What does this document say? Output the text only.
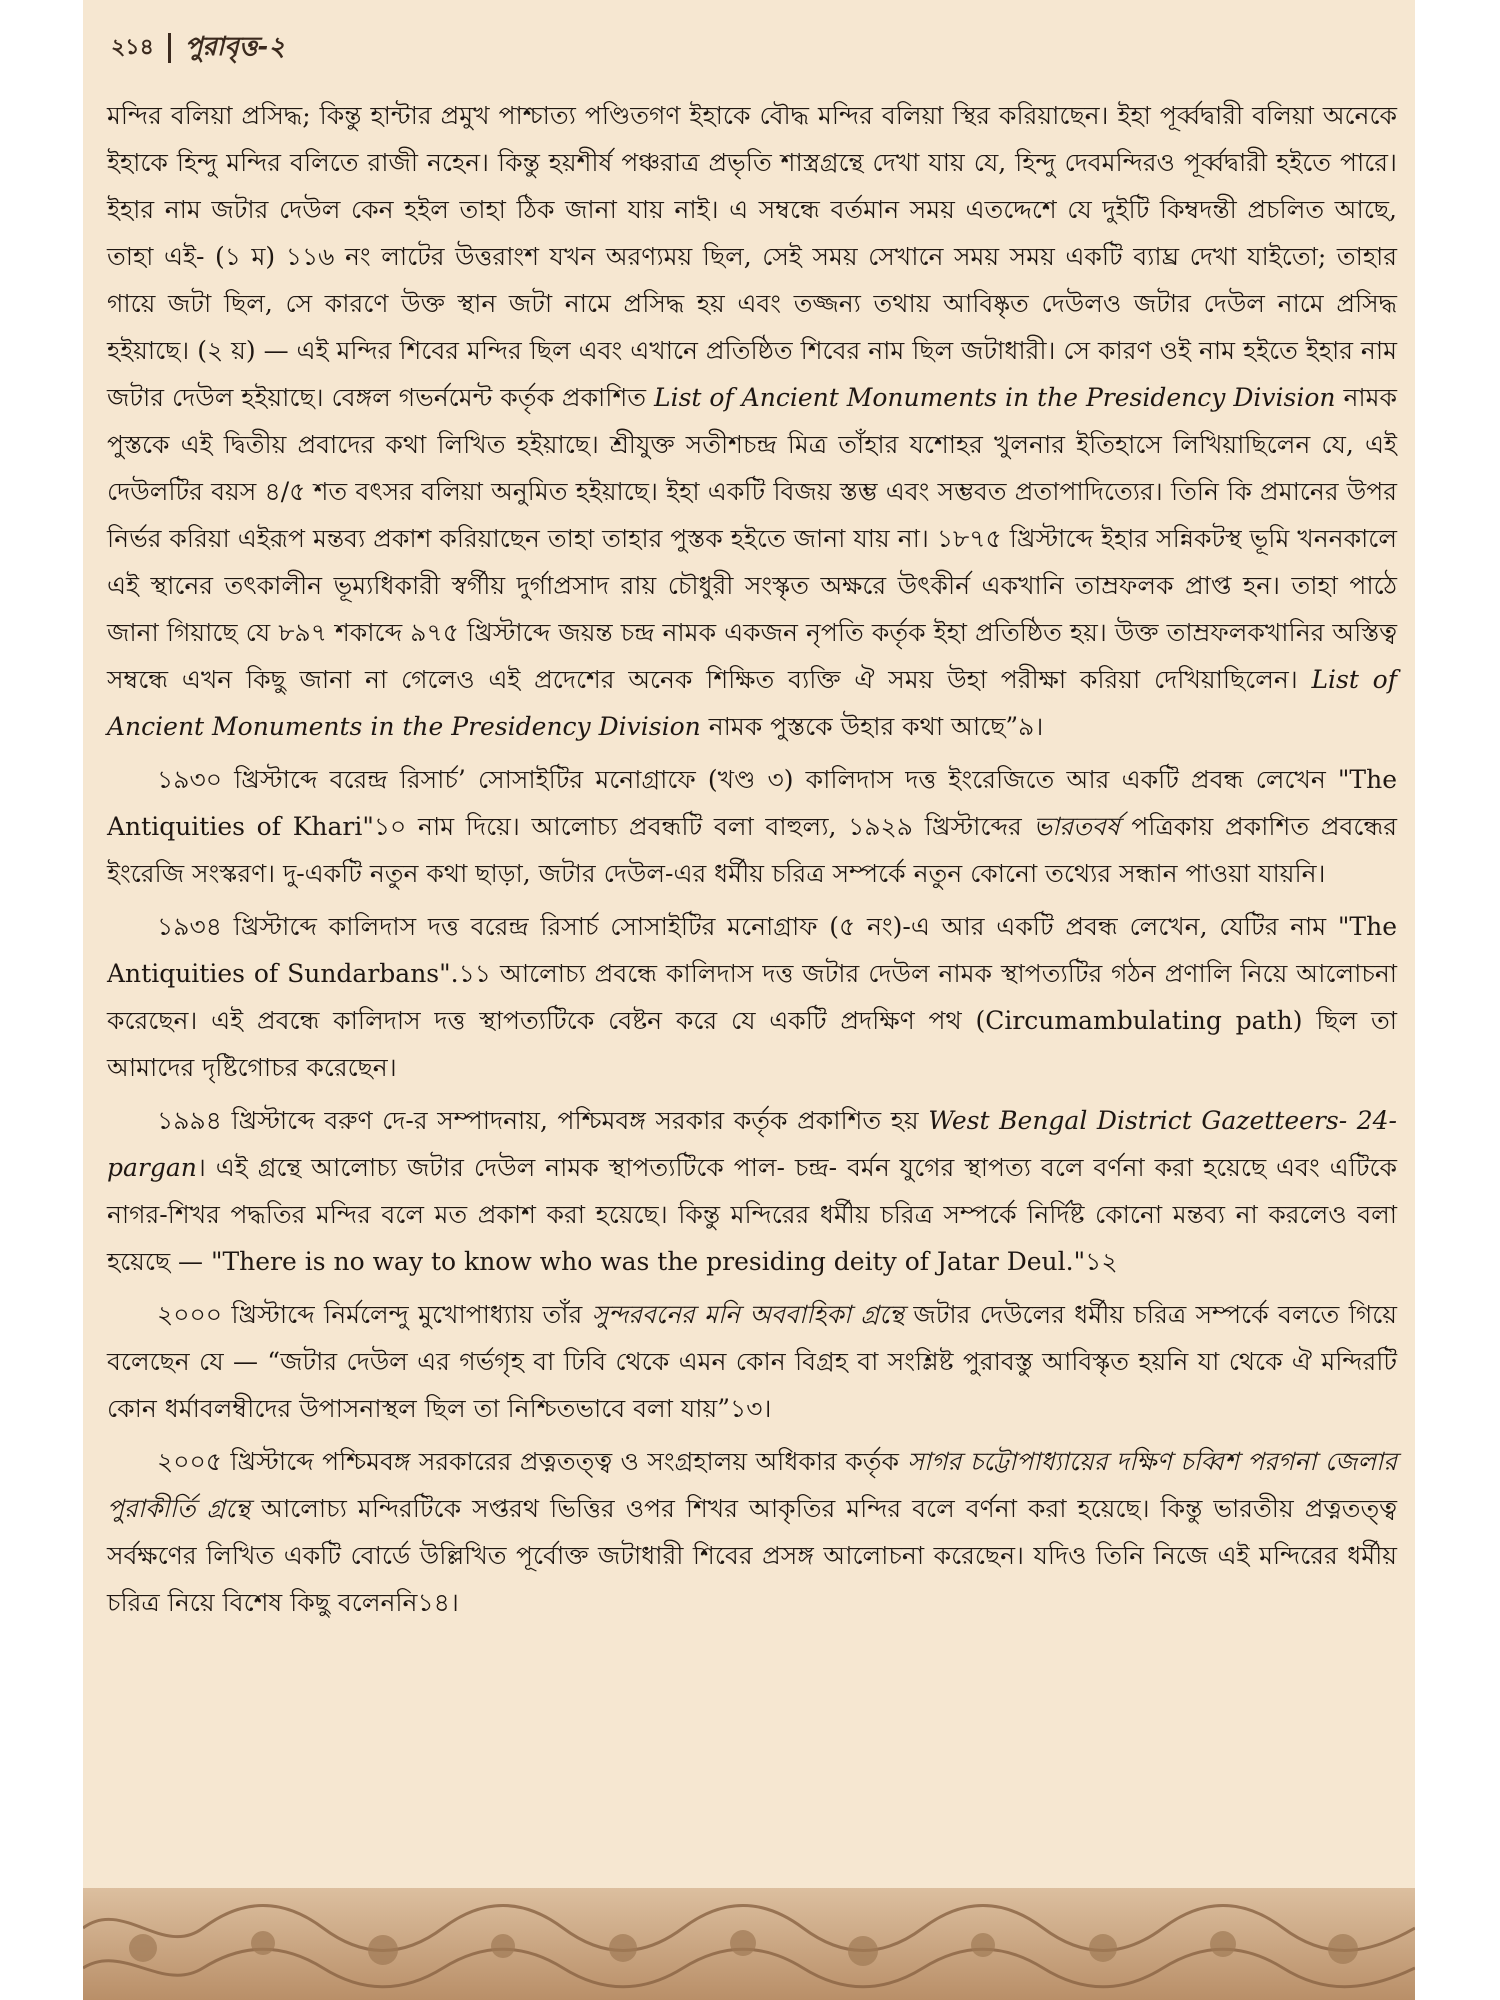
২১৪ পুরাবৃত্ত-২

মন্দির বলিয়া প্রসিদ্ধ; কিন্তু হান্টার প্রমুখ পাশ্চাত্য পণ্ডিতগণ ইহাকে বৌদ্ধ মন্দির বলিয়া স্থির করিয়াছেন। ইহা পূর্ব্বদ্বারী বলিয়া অনেকে ইহাকে হিন্দু মন্দির বলিতে রাজী নহেন। কিন্তু হয়শীর্ষ পঞ্চরাত্র প্রভৃতি শাস্ত্রগ্রন্থে দেখা যায় যে, হিন্দু দেবমন্দিরও পূর্ব্বদ্বারী হইতে পারে। ইহার নাম জটার দেউল কেন হইল তাহা ঠিক জানা যায় নাই। এ সম্বন্ধে বর্তমান সময় এতদ্দেশে যে দুইটি কিম্বদন্তী প্রচলিত আছে, তাহা এই- (১ ম) ১১৬ নং লাটের উত্তরাংশ যখন অরণ্যময় ছিল, সেই সময় সেখানে সময় সময় একটি ব্যাঘ্র দেখা যাইতো; তাহার গায়ে জটা ছিল, সে কারণে উক্ত স্থান জটা নামে প্রসিদ্ধ হয় এবং তজ্জন্য তথায় আবিষ্কৃত দেউলও জটার দেউল নামে প্রসিদ্ধ হইয়াছে। (২ য়) — এই মন্দির শিবের মন্দির ছিল এবং এখানে প্রতিষ্ঠিত শিবের নাম ছিল জটাধারী। সে কারণ ওই নাম হইতে ইহার নাম জটার দেউল হইয়াছে। বেঙ্গল গভর্নমেন্ট কর্তৃক প্রকাশিত List of Ancient Monuments in the Presidency Division নামক পুস্তকে এই দ্বিতীয় প্রবাদের কথা লিখিত হইয়াছে। শ্রীযুক্ত সতীশচন্দ্র মিত্র তাঁহার যশোহর খুলনার ইতিহাসে লিখিয়াছিলেন যে, এই দেউলটির বয়স ৪/৫ শত বৎসর বলিয়া অনুমিত হইয়াছে। ইহা একটি বিজয় স্তম্ভ এবং সম্ভবত প্রতাপাদিত্যের। তিনি কি প্রমানের উপর নির্ভর করিয়া এইরূপ মন্তব্য প্রকাশ করিয়াছেন তাহা তাহার পুস্তক হইতে জানা যায় না। ১৮৭৫ খ্রিস্টাব্দে ইহার সন্নিকটস্থ ভূমি খননকালে এই স্থানের তৎকালীন ভূম্যধিকারী স্বর্গীয় দুর্গাপ্রসাদ রায় চৌধুরী সংস্কৃত অক্ষরে উৎকীর্ন একখানি তাম্রফলক প্রাপ্ত হন। তাহা পাঠে জানা গিয়াছে যে ৮৯৭ শকাব্দে ৯৭৫ খ্রিস্টাব্দে জয়ন্ত চন্দ্র নামক একজন নৃপতি কর্তৃক ইহা প্রতিষ্ঠিত হয়। উক্ত তাম্রফলকখানির অস্তিত্ব সম্বন্ধে এখন কিছু জানা না গেলেও এই প্রদেশের অনেক শিক্ষিত ব্যক্তি ঐ সময় উহা পরীক্ষা করিয়া দেখিয়াছিলেন। List of Ancient Monuments in the Presidency Division নামক পুস্তকে উহার কথা আছে”৯।

১৯৩০ খ্রিস্টাব্দে বরেন্দ্র রিসার্চ’ সোসাইটির মনোগ্রাফে (খণ্ড ৩) কালিদাস দত্ত ইংরেজিতে আর একটি প্রবন্ধ লেখেন "The Antiquities of Khari"১০ নাম দিয়ে। আলোচ্য প্রবন্ধটি বলা বাহুল্য, ১৯২৯ খ্রিস্টাব্দের ভারতবর্ষ পত্রিকায় প্রকাশিত প্রবন্ধের ইংরেজি সংস্করণ। দু-একটি নতুন কথা ছাড়া, জটার দেউল-এর ধর্মীয় চরিত্র সম্পর্কে নতুন কোনো তথ্যের সন্ধান পাওয়া যায়নি।

১৯৩৪ খ্রিস্টাব্দে কালিদাস দত্ত বরেন্দ্র রিসার্চ সোসাইটির মনোগ্রাফ (৫ নং)-এ আর একটি প্রবন্ধ লেখেন, যেটির নাম "The Antiquities of Sundarbans".১১ আলোচ্য প্রবন্ধে কালিদাস দত্ত জটার দেউল নামক স্থাপত্যটির গঠন প্রণালি নিয়ে আলোচনা করেছেন। এই প্রবন্ধে কালিদাস দত্ত স্থাপত্যটিকে বেষ্টন করে যে একটি প্রদক্ষিণ পথ (Circumambulating path) ছিল তা আমাদের দৃষ্টিগোচর করেছেন।

১৯৯৪ খ্রিস্টাব্দে বরুণ দে-র সম্পাদনায়, পশ্চিমবঙ্গ সরকার কর্তৃক প্রকাশিত হয় West Bengal District Gazetteers- 24- pargan। এই গ্রন্থে আলোচ্য জটার দেউল নামক স্থাপত্যটিকে পাল- চন্দ্র- বর্মন যুগের স্থাপত্য বলে বর্ণনা করা হয়েছে এবং এটিকে নাগর-শিখর পদ্ধতির মন্দির বলে মত প্রকাশ করা হয়েছে। কিন্তু মন্দিরের ধর্মীয় চরিত্র সম্পর্কে নির্দিষ্ট কোনো মন্তব্য না করলেও বলা হয়েছে — "There is no way to know who was the presiding deity of Jatar Deul."১২

২০০০ খ্রিস্টাব্দে নির্মলেন্দু মুখোপাধ্যায় তাঁর সুন্দরবনের মনি অববাহিকা গ্রন্থে জটার দেউলের ধর্মীয় চরিত্র সম্পর্কে বলতে গিয়ে বলেছেন যে — “জটার দেউল এর গর্ভগৃহ বা ঢিবি থেকে এমন কোন বিগ্রহ বা সংশ্লিষ্ট পুরাবস্তু আবিস্কৃত হয়নি যা থেকে ঐ মন্দিরটি কোন ধর্মাবলম্বীদের উপাসনাস্থল ছিল তা নিশ্চিতভাবে বলা যায়”১৩।

২০০৫ খ্রিস্টাব্দে পশ্চিমবঙ্গ সরকারের প্রত্নতত্ত্ব ও সংগ্রহালয় অধিকার কর্তৃক সাগর চট্টোপাধ্যায়ের দক্ষিণ চব্বিশ পরগনা জেলার পুরাকীর্তি গ্রন্থে আলোচ্য মন্দিরটিকে সপ্তরথ ভিত্তির ওপর শিখর আকৃতির মন্দির বলে বর্ণনা করা হয়েছে। কিন্তু ভারতীয় প্রত্নতত্ত্ব সর্বক্ষণের লিখিত একটি বোর্ডে উল্লিখিত পূর্বোক্ত জটাধারী শিবের প্রসঙ্গ আলোচনা করেছেন। যদিও তিনি নিজে এই মন্দিরের ধর্মীয় চরিত্র নিয়ে বিশেষ কিছু বলেননি১৪।
